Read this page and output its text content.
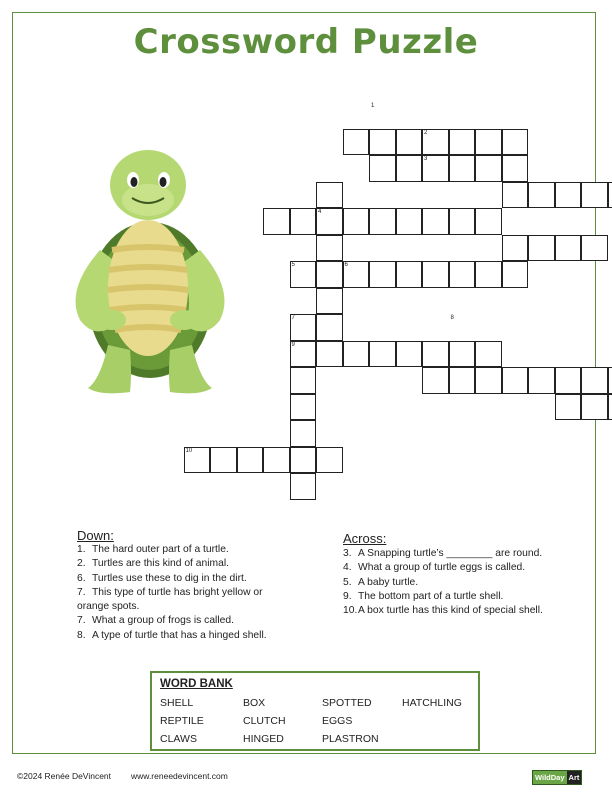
Crossword Puzzle
1
2
3
4
5	6
7	8
9
10
Down:
1. The hard outer part of a turtle.
2. Turtles are this kind of animal.
6. Turtles use these to dig in the dirt.
7. This type of turtle has bright yellow or
orange spots.
7. What a group of frogs is called.
8. A type of turtle that has a hinged shell.
Across:
3. A Snapping turtle’s ________ are round.
4. What a group of turtle eggs is called.
5. A baby turtle.
9. The bottom part of a turtle shell.
10.A box turtle has this kind of special shell.
WORD BANK
SHELL	BOX	SPOTTED	HATCHLING
REPTILE	CLUTCH	EGGS
CLAWS	HINGED	PLASTRON
©2024 Renée DeVincent www.reneedevincent.com	WildDay Art
